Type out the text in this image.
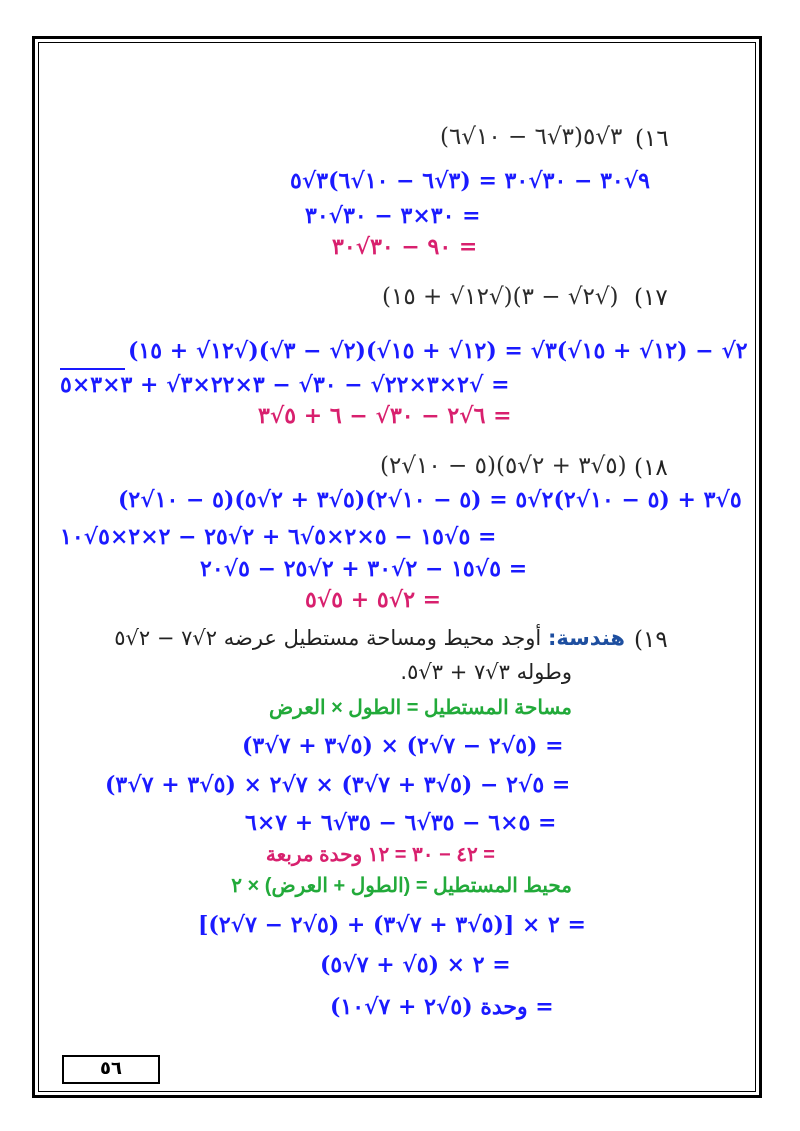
(١٦
(٣√٦ − ١٠√٦)٣√٥
٩√٣٠ − ٣٠√٣٠ = (٣√٦ − ١٠√٦)٣√٥
٣٠×٣ − ٣٠√٣٠ =
٩٠ − ٣٠√٣٠ =
(١٧
(١٢√ + ١٥√)(٢√ − ٣√)
(١٢√ + ١٥√)٢√ − (١٢√ + ١٥√)٣√ = (١٢√ + ١٥√)(٢√ − ٣√)
٢×٣×٢٢√ − ٣٠√ − ٣×٢٢×٣√ + ٣×٣×٥√ =
٦√٢ − ٣٠√ − ٦ + ٥√٣ =
(١٨
(٥ − ١٠√٢)(٥√٣ + ٢√٥)
(٥ − ١٠√٢)٥√٣ + (٥ − ١٠√٢)٢√٥ = (٥ − ١٠√٢)(٥√٣ + ٢√٥)
٥√١٥ − ٥×٢×٥√٦ + ٢√٢٥ − ٢×٢×٥√١٠ =
٥√١٥ − ٢√٣٠ + ٢√٢٥ − ٥√٢٠ =
٢√٥ + ٥√٥ =
(١٩
هندسة: أوجد محيط ومساحة مستطيل عرضه ٢√٧ − ٢√٥
وطوله ٣√٧ + ٣√٥.
مساحة المستطيل = الطول × العرض
(٥√٣ + ٧√٣) × (٥√٢ − ٧√٢) =
(٥√٣ + ٧√٣) × ٥√٢ − (٥√٣ + ٧√٣) × ٧√٢ =
٥×٦ − ٣٥√٦ − ٣٥√٦ + ٧×٦ =
= ٤٢ − ٣٠ = ١٢ وحدة مربعة
محيط المستطيل = (الطول + العرض) × ٢
٢ × [(٥√٣ + ٧√٣) + (٥√٢ − ٧√٢)] =
٢ × (٥√ + ٧√٥) =
وحدة (٥√٢ + ٧√١٠) =
٥٦
